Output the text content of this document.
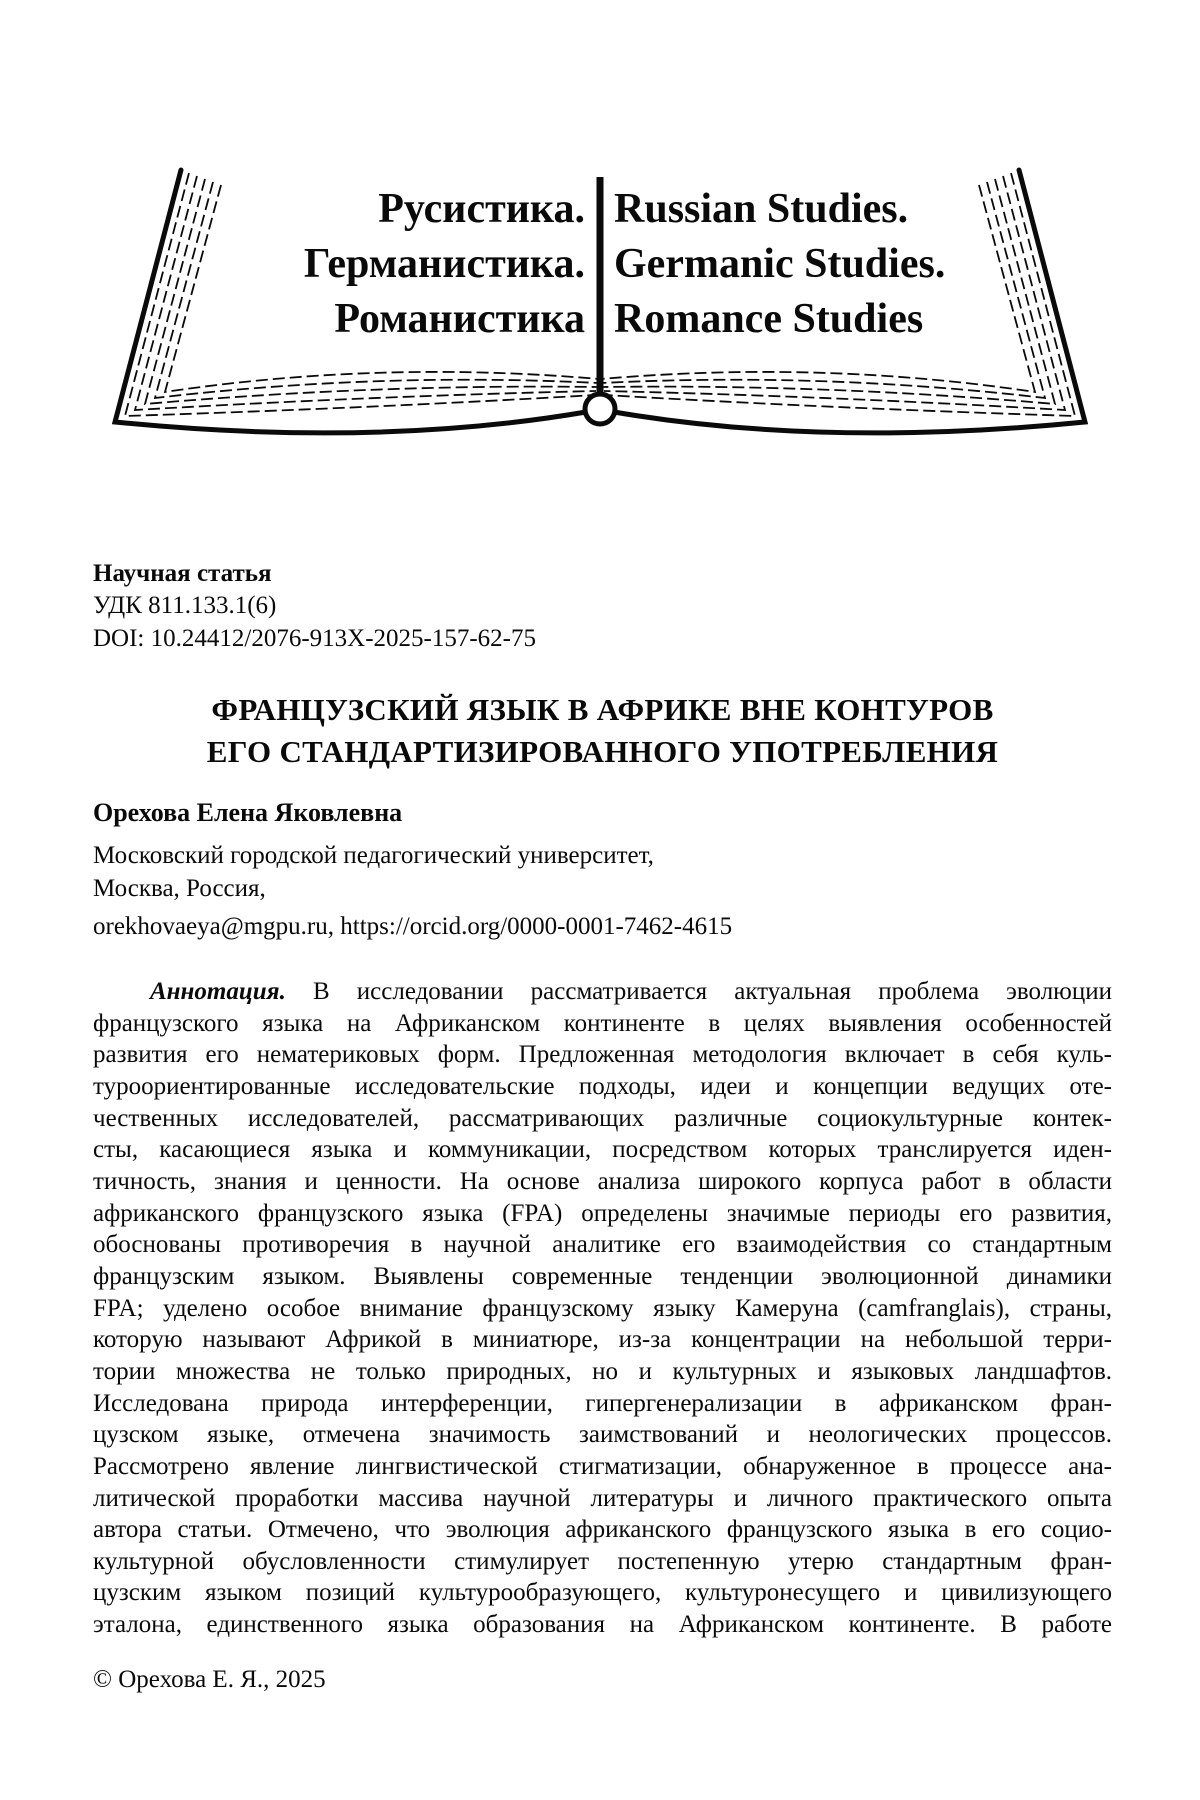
Русистика.
Германистика.
Романистика
Russian Studies.
Germanic Studies.
Romance Studies
Научная статья
УДК 811.133.1(6)
DOI: 10.24412/2076-913X-2025-157-62-75
ФРАНЦУЗСКИЙ ЯЗЫК В АФРИКЕ ВНЕ КОНТУРОВ
ЕГО СТАНДАРТИЗИРОВАННОГО УПОТРЕБЛЕНИЯ
Орехова Елена Яковлевна
Московский городской педагогический университет,
Москва, Россия,
orekhovaeya@mgpu.ru, https://orcid.org/0000-0001-7462-4615
Аннотация. В исследовании рассматривается актуальная проблема эволюции
французского языка на Африканском континенте в целях выявления особенностей
развития его нематериковых форм. Предложенная методология включает в себя куль-
туроориентированные исследовательские подходы, идеи и концепции ведущих оте-
чественных исследователей, рассматривающих различные социокультурные контек-
сты, касающиеся языка и коммуникации, посредством которых транслируется иден-
тичность, знания и ценности. На основе анализа широкого корпуса работ в области
африканского французского языка (FPA) определены значимые периоды его развития,
обоснованы противоречия в научной аналитике его взаимодействия со стандартным
французским языком. Выявлены современные тенденции эволюционной динамики
FPA; уделено особое внимание французскому языку Камеруна (camfranglais), страны,
которую называют Африкой в миниатюре, из-за концентрации на небольшой терри-
тории множества не только природных, но и культурных и языковых ландшафтов.
Исследована природа интерференции, гипергенерализации в африканском фран-
цузском языке, отмечена значимость заимствований и неологических процессов.
Рассмотрено явление лингвистической стигматизации, обнаруженное в процессе ана-
литической проработки массива научной литературы и личного практического опыта
автора статьи. Отмечено, что эволюция африканского французского языка в его социо-
культурной обусловленности стимулирует постепенную утерю стандартным фран-
цузским языком позиций культурообразующего, культуронесущего и цивилизующего
эталона, единственного языка образования на Африканском континенте. В работе
© Орехова Е. Я., 2025
